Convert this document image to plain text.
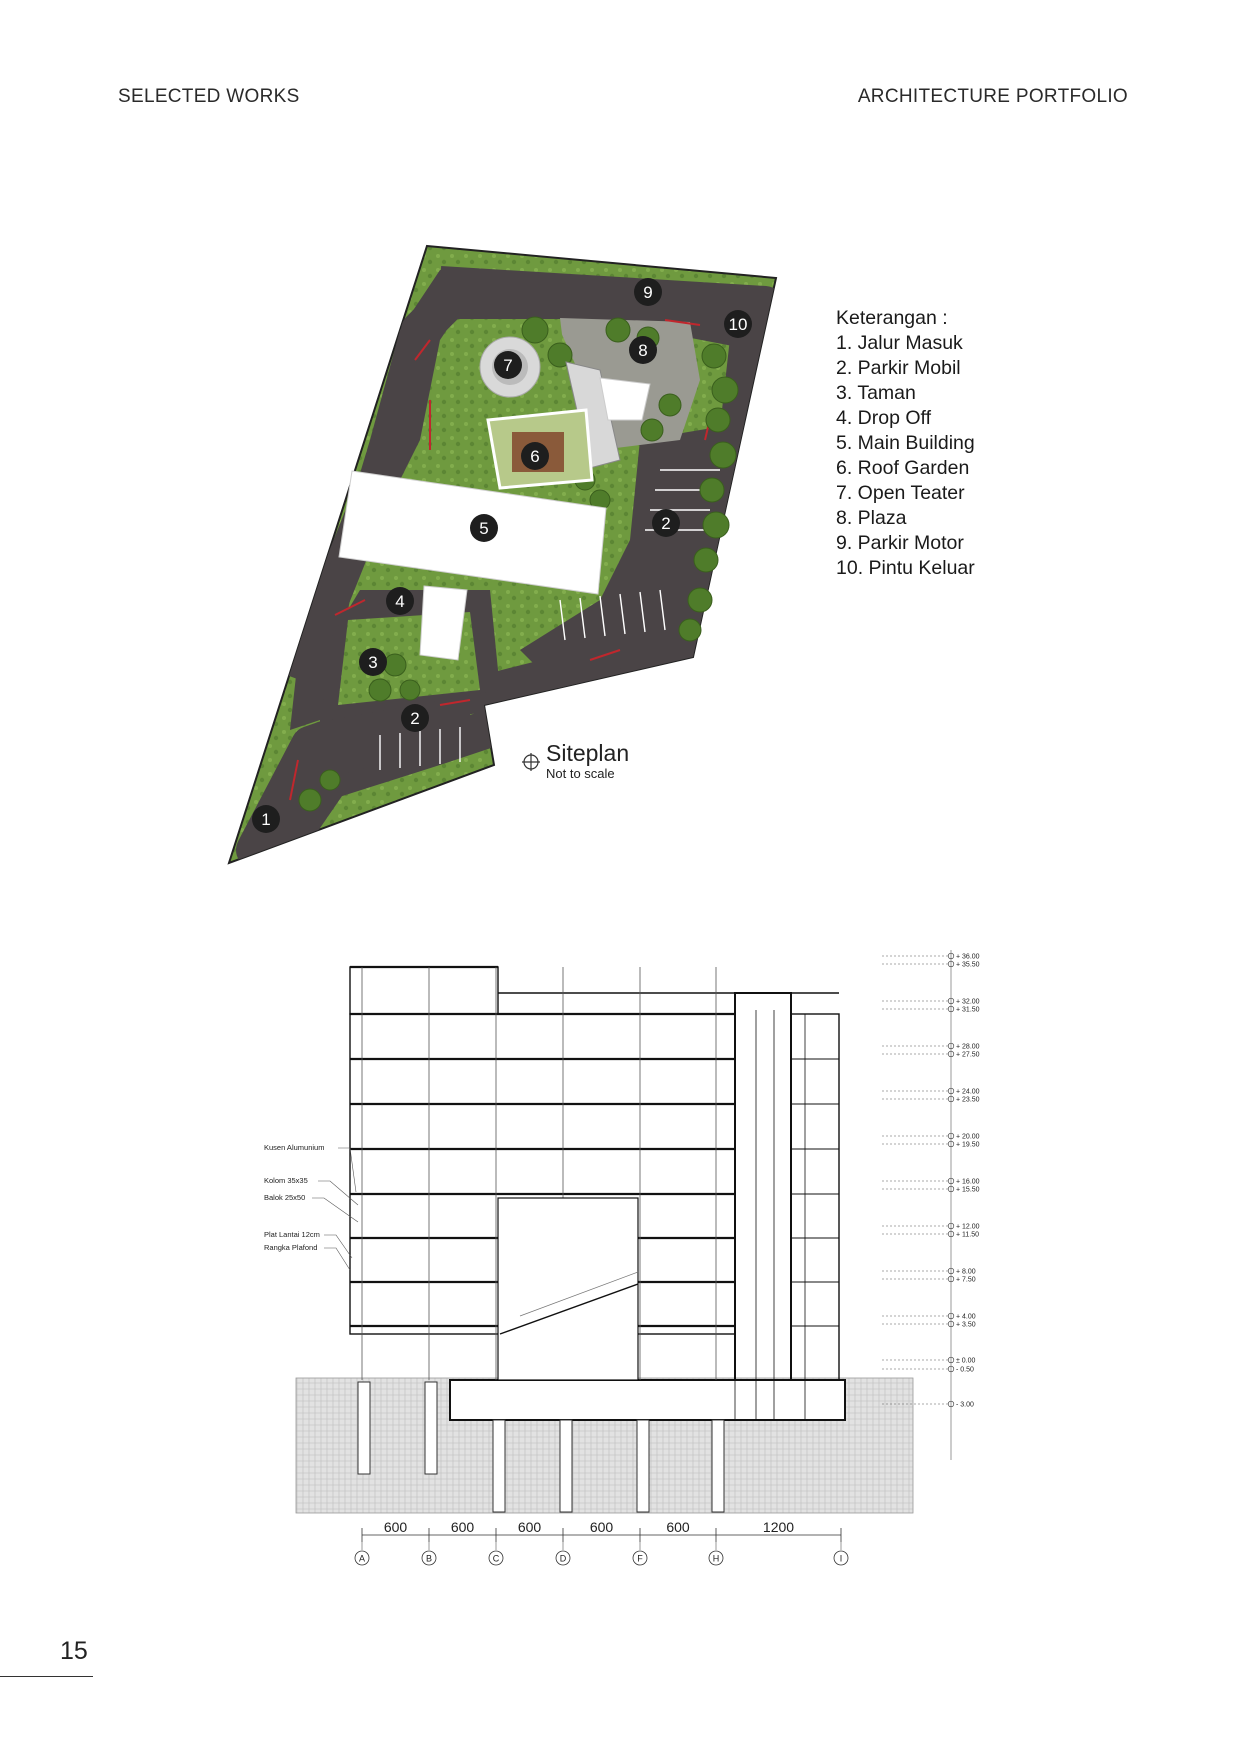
SELECTED WORKS	ARCHITECTURE PORTFOLIO
1
2
3
4
5
6
7
8
9
10
2
Keterangan :
1. Jalur Masuk
2. Parkir Mobil
3. Taman
4. Drop Off
5. Main Building
6. Roof Garden
7. Open Teater
8. Plaza
9. Parkir Motor
10. Pintu Keluar
Siteplan
Not to scale
Kusen Alumunium
Kolom 35x35
Balok 25x50
Plat Lantai 12cm
Rangka Plafond
+ 36.00
+ 35.50
+ 32.00
+ 31.50
+ 28.00
+ 27.50
+ 24.00
+ 23.50
+ 20.00
+ 19.50
+ 16.00
+ 15.50
+ 12.00
+ 11.50
+ 8.00
+ 7.50
+ 4.00
+ 3.50
± 0.00
- 0.50
- 3.00
600	600	600	600	600	1200
A	B	C	D	F	H	I
15
